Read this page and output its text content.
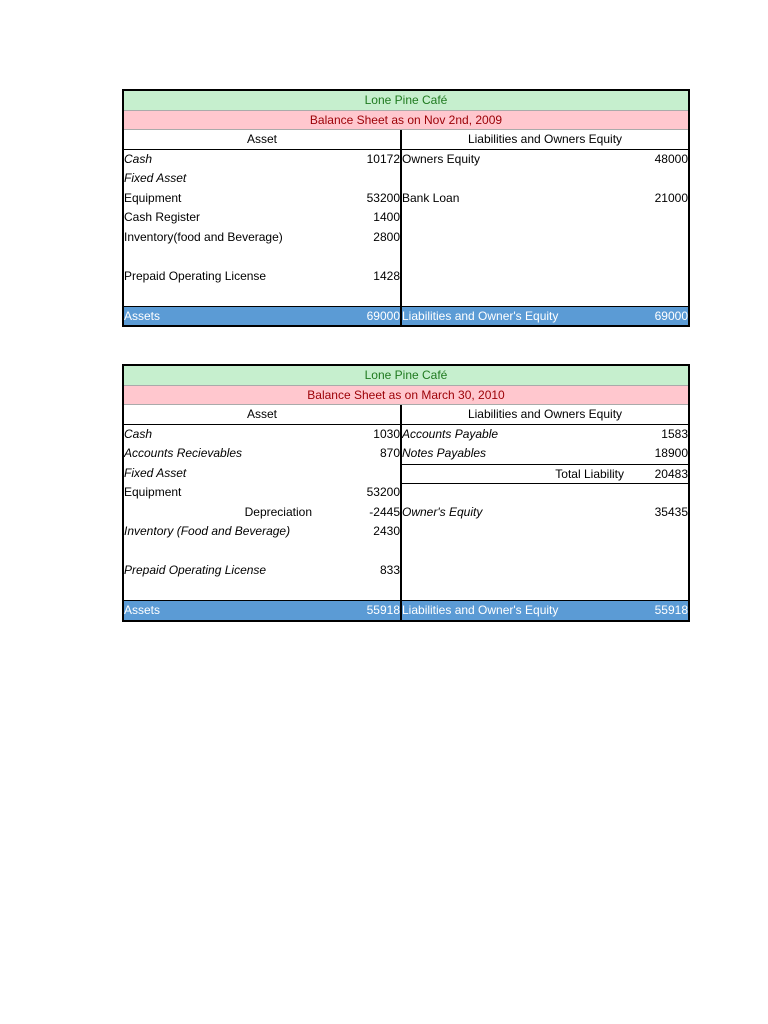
Lone Pine Café
Balance Sheet as on Nov 2nd, 2009
Asset	Liabilities and Owners Equity
Cash	10172 Owners Equity	48000
Fixed Asset
Equipment	53200 Bank Loan	21000
Cash Register	1400
Inventory(food and Beverage)	2800
Prepaid Operating License	1428
Assets	69000 Liabilities and Owner's Equity	69000
Lone Pine Café
Balance Sheet as on March 30, 2010
Asset	Liabilities and Owners Equity
Cash	1030 Accounts Payable	1583
Accounts Recievables	870 Notes Payables	18900
Fixed Asset	Total Liability	20483
Equipment	53200
Depreciation	-2445 Owner's Equity	35435
Inventory (Food and Beverage)	2430
Prepaid Operating License	833
Assets	55918 Liabilities and Owner's Equity	55918
